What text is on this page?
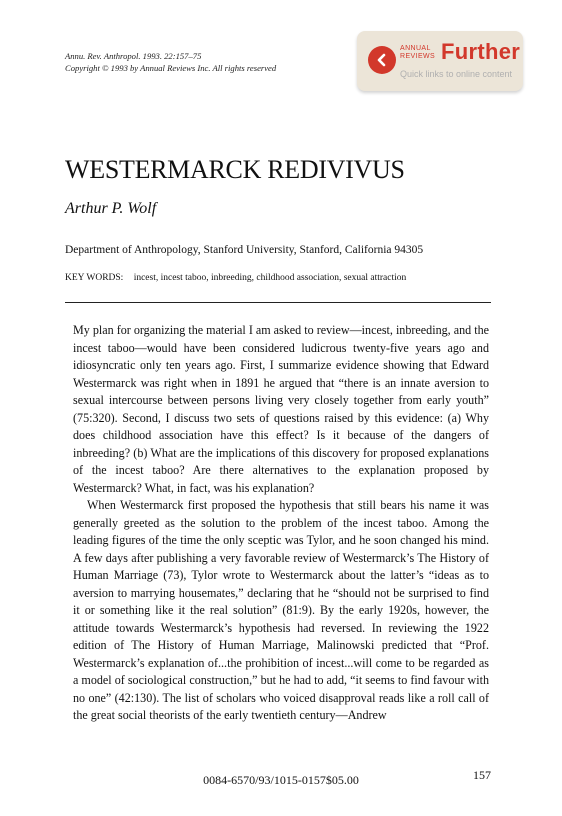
Annu. Rev. Anthropol. 1993. 22:157–75
Copyright © 1993 by Annual Reviews Inc. All rights reserved
ANNUAL
REVIEWS Further
Quick links to online content
WESTERMARCK REDIVIVUS
Arthur P. Wolf
Department of Anthropology, Stanford University, Stanford, California 94305
KEY WORDS: incest, incest taboo, inbreeding, childhood association, sexual attraction

My plan for organizing the material I am asked to review—incest, inbreeding, and the incest taboo—would have been considered ludicrous twenty-five years ago and idiosyncratic only ten years ago. First, I summarize evidence showing that Edward Westermarck was right when in 1891 he argued that “there is an innate aversion to sexual intercourse between persons living very closely together from early youth” (75:320). Second, I discuss two sets of questions raised by this evidence: (a) Why does childhood association have this effect? Is it because of the dangers of inbreeding? (b) What are the implications of this discovery for proposed explanations of the incest taboo? Are there alternatives to the explanation proposed by Westermarck? What, in fact, was his explanation?

When Westermarck first proposed the hypothesis that still bears his name it was generally greeted as the solution to the problem of the incest taboo. Among the leading figures of the time the only sceptic was Tylor, and he soon changed his mind. A few days after publishing a very favorable review of Westermarck’s The History of Human Marriage (73), Tylor wrote to Westermarck about the latter’s “ideas as to aversion to marrying housemates,” declaring that he “should not be surprised to find it or something like it the real solution” (81:9). By the early 1920s, however, the attitude towards Westermarck’s hypothesis had reversed. In reviewing the 1922 edition of The History of Human Marriage, Malinowski predicted that “Prof. Westermarck’s explanation of...the prohibition of incest...will come to be regarded as a model of sociological construction,” but he had to add, “it seems to find favour with no one” (42:130). The list of scholars who voiced disapproval reads like a roll call of the great social theorists of the early twentieth century—Andrew

0084-6570/93/1015-0157$05.00	157
